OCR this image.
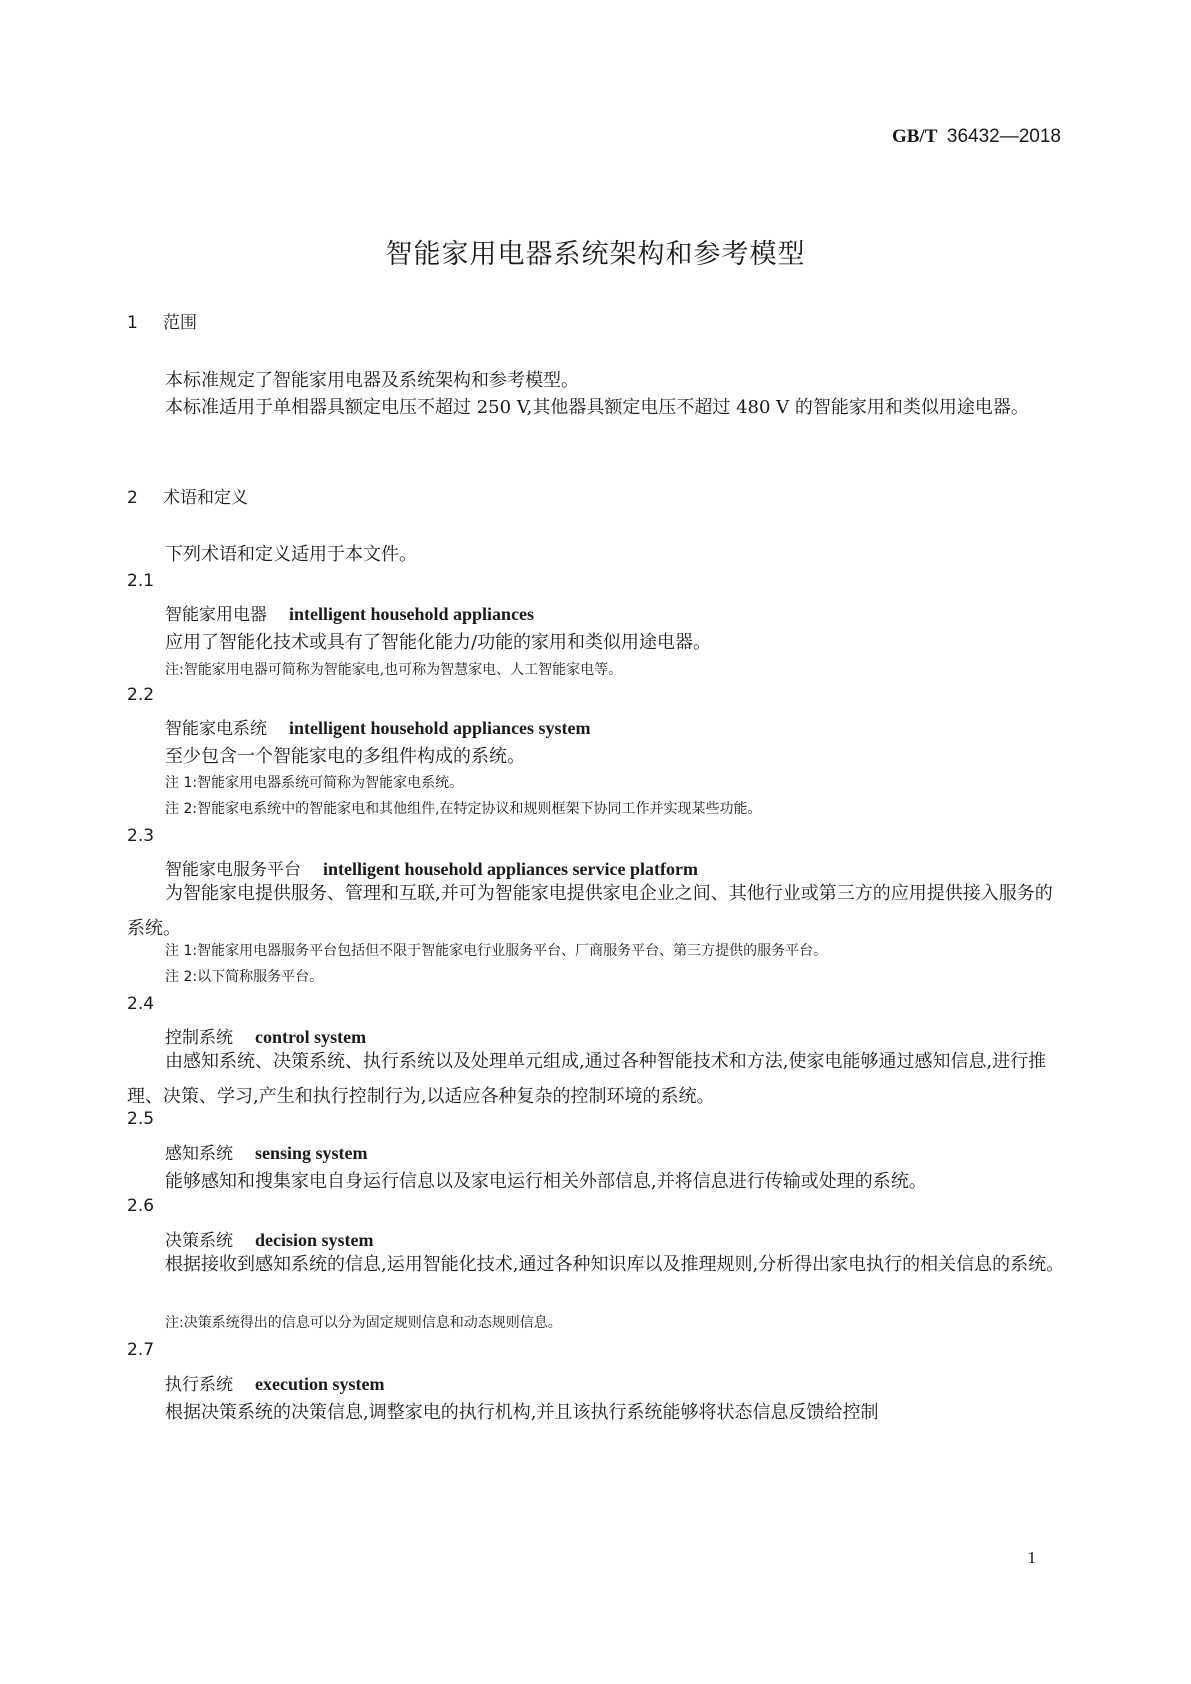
GB/T 36432—2018
智能家用电器系统架构和参考模型
1 范围
本标准规定了智能家用电器及系统架构和参考模型。
本标准适用于单相器具额定电压不超过 250 V,其他器具额定电压不超过 480 V 的智能家用和类似用途电器。
2 术语和定义
下列术语和定义适用于本文件。
2.1
智能家用电器 intelligent household appliances
应用了智能化技术或具有了智能化能力/功能的家用和类似用途电器。
注:智能家用电器可简称为智能家电,也可称为智慧家电、人工智能家电等。
2.2
智能家电系统 intelligent household appliances system
至少包含一个智能家电的多组件构成的系统。
注 1:智能家用电器系统可简称为智能家电系统。
注 2:智能家电系统中的智能家电和其他组件,在特定协议和规则框架下协同工作并实现某些功能。
2.3
智能家电服务平台 intelligent household appliances service platform
为智能家电提供服务、管理和互联,并可为智能家电提供家电企业之间、其他行业或第三方的应用提供接入服务的系统。
注 1:智能家用电器服务平台包括但不限于智能家电行业服务平台、厂商服务平台、第三方提供的服务平台。
注 2:以下简称服务平台。
2.4
控制系统 control system
由感知系统、决策系统、执行系统以及处理单元组成,通过各种智能技术和方法,使家电能够通过感知信息,进行推理、决策、学习,产生和执行控制行为,以适应各种复杂的控制环境的系统。
2.5
感知系统 sensing system
能够感知和搜集家电自身运行信息以及家电运行相关外部信息,并将信息进行传输或处理的系统。
2.6
决策系统 decision system
根据接收到感知系统的信息,运用智能化技术,通过各种知识库以及推理规则,分析得出家电执行的相关信息的系统。
注:决策系统得出的信息可以分为固定规则信息和动态规则信息。
2.7
执行系统 execution system
根据决策系统的决策信息,调整家电的执行机构,并且该执行系统能够将状态信息反馈给控制
1
